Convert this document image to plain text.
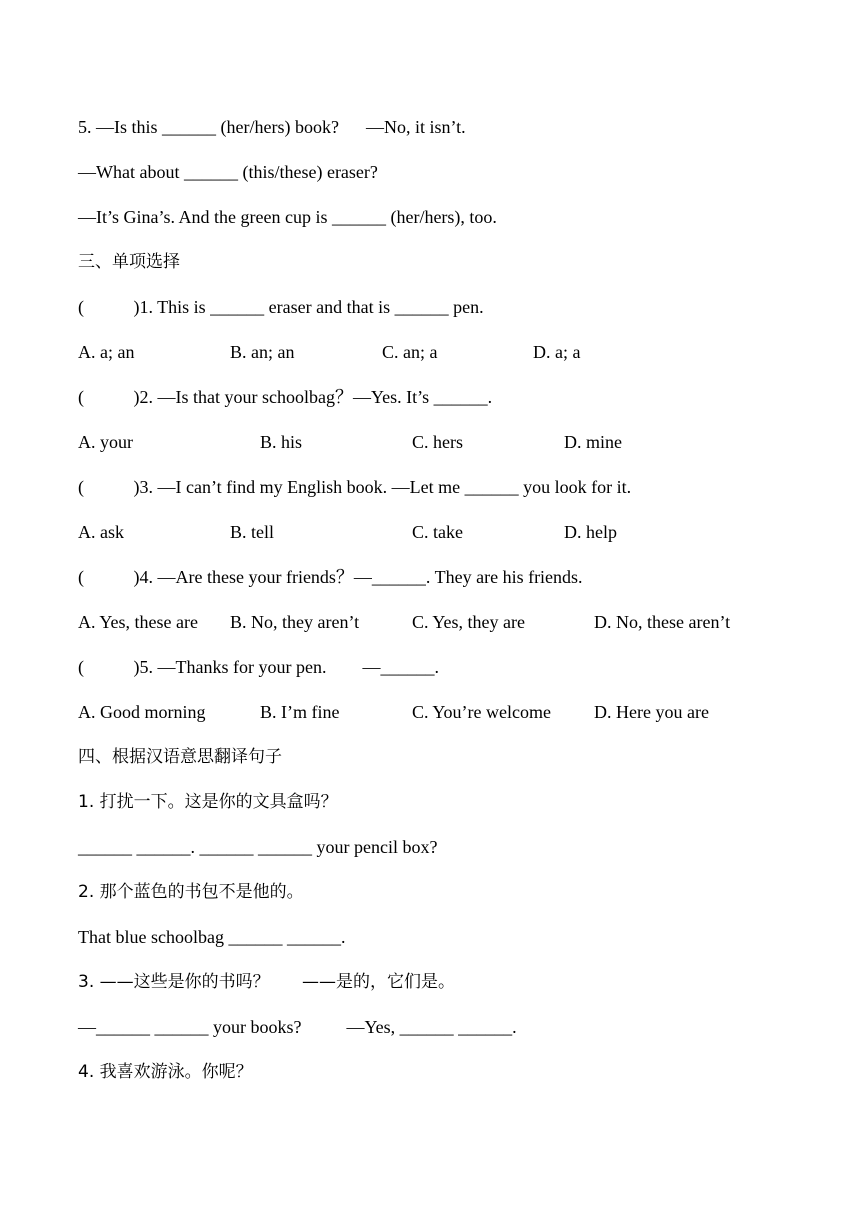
5. —Is this ______ (her/hers) book?      —No, it isn’t.
—What about ______ (this/these) eraser?
—It’s Gina’s. And the green cup is ______ (her/hers), too.
三、单项选择
(           )1. This is ______ eraser and that is ______ pen.
A. a; an	B. an; an	C. an; a	D. a; a
(           )2. —Is that your schoolbag？—Yes. It’s ______.
A. your	B. his	C. hers	D. mine
(           )3. —I can’t find my English book. —Let me ______ you look for it.
A. ask	B. tell	C. take	D. help
(           )4. —Are these your friends？—______. They are his friends.
A. Yes, these are B. No, they aren’t	C. Yes, they are	D. No, these aren’t
(           )5. —Thanks for your pen.        —______.
A. Good morning	B. I’m fine	C. You’re welcome D. Here you are
四、根据汉语意思翻译句子
1. 打扰一下。这是你的文具盒吗？
______ ______. ______ ______ your pencil box?
2. 那个蓝色的书包不是他的。
That blue schoolbag ______ ______.
3. ——这些是你的书吗？      ——是的，它们是。
—______ ______ your books?          —Yes, ______ ______.
4. 我喜欢游泳。你呢？
